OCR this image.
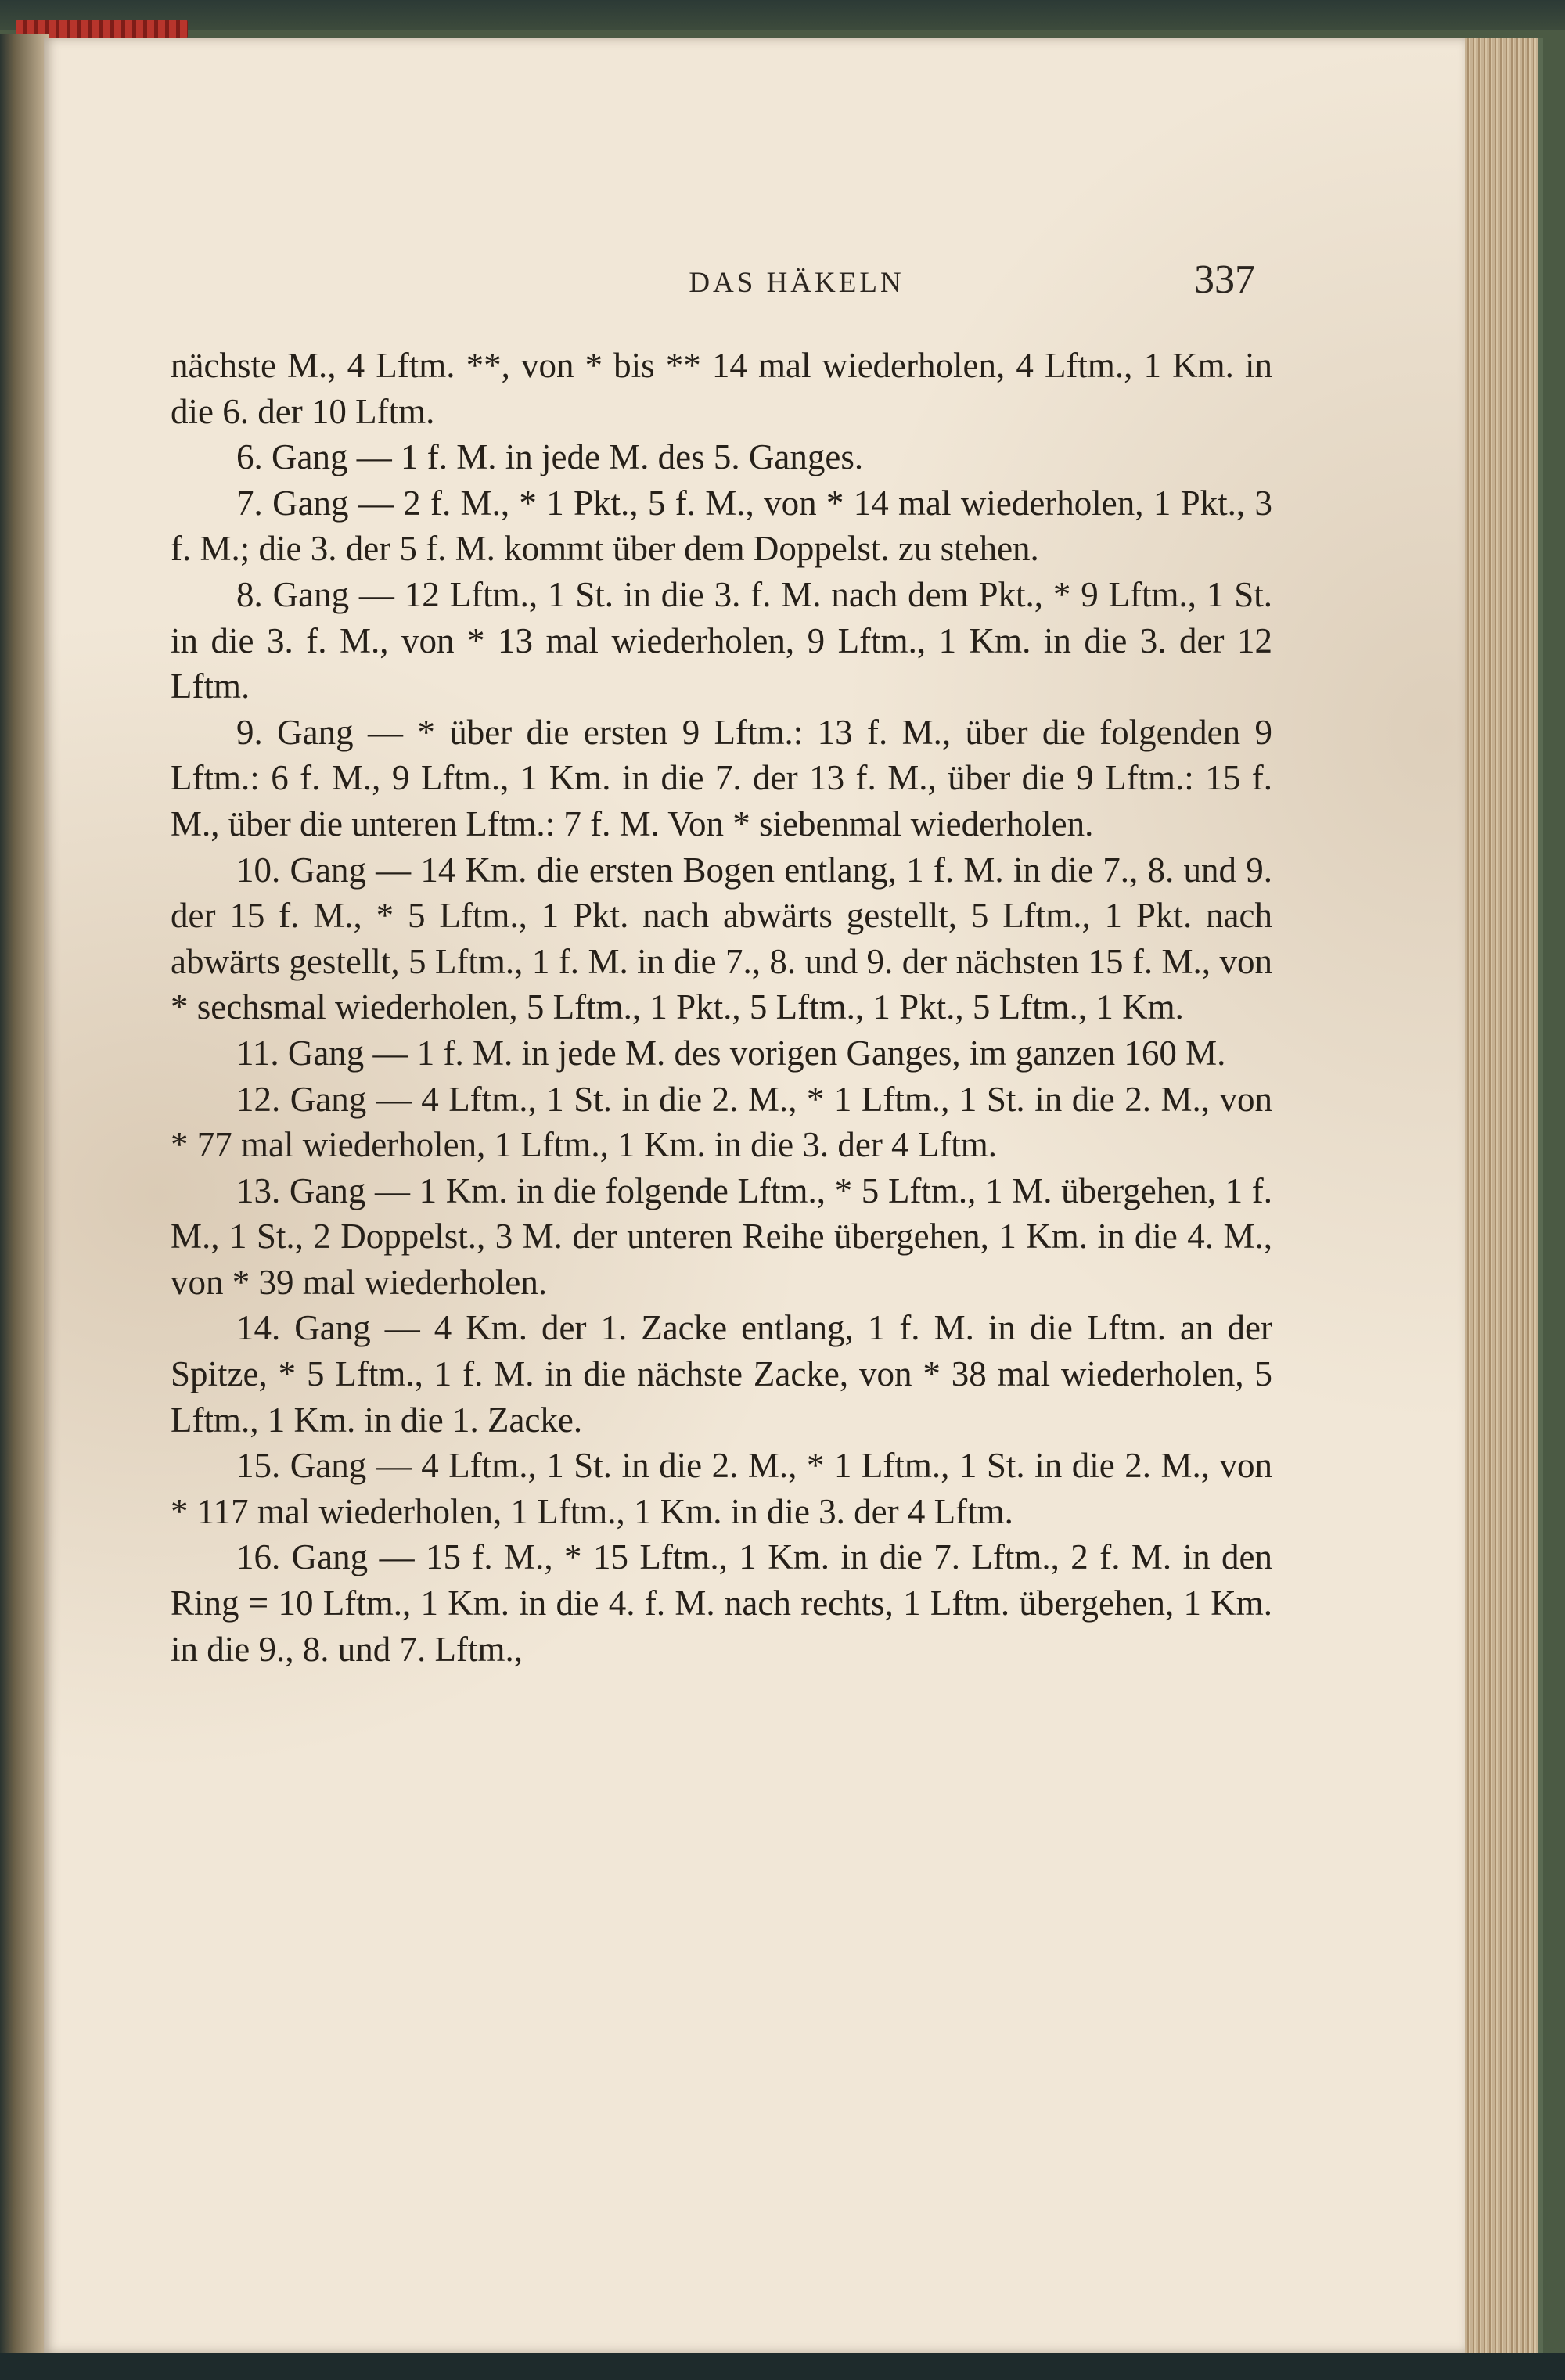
DAS HÄKELN	337

nächste M., 4 Lftm. **, von * bis ** 14 mal wiederholen, 4 Lftm., 1 Km. in die 6. der 10 Lftm.

6. Gang — 1 f. M. in jede M. des 5. Ganges.

7. Gang — 2 f. M., * 1 Pkt., 5 f. M., von * 14 mal wiederholen, 1 Pkt., 3 f. M.; die 3. der 5 f. M. kommt über dem Doppelst. zu stehen.

8. Gang — 12 Lftm., 1 St. in die 3. f. M. nach dem Pkt., * 9 Lftm., 1 St. in die 3. f. M., von * 13 mal wiederholen, 9 Lftm., 1 Km. in die 3. der 12 Lftm.

9. Gang — * über die ersten 9 Lftm.: 13 f. M., über die folgenden 9 Lftm.: 6 f. M., 9 Lftm., 1 Km. in die 7. der 13 f. M., über die 9 Lftm.: 15 f. M., über die unteren Lftm.: 7 f. M. Von * siebenmal wiederholen.

10. Gang — 14 Km. die ersten Bogen entlang, 1 f. M. in die 7., 8. und 9. der 15 f. M., * 5 Lftm., 1 Pkt. nach abwärts gestellt, 5 Lftm., 1 Pkt. nach abwärts gestellt, 5 Lftm., 1 f. M. in die 7., 8. und 9. der nächsten 15 f. M., von * sechsmal wiederholen, 5 Lftm., 1 Pkt., 5 Lftm., 1 Pkt., 5 Lftm., 1 Km.

11. Gang — 1 f. M. in jede M. des vorigen Ganges, im ganzen 160 M.

12. Gang — 4 Lftm., 1 St. in die 2. M., * 1 Lftm., 1 St. in die 2. M., von * 77 mal wiederholen, 1 Lftm., 1 Km. in die 3. der 4 Lftm.

13. Gang — 1 Km. in die folgende Lftm., * 5 Lftm., 1 M. übergehen, 1 f. M., 1 St., 2 Doppelst., 3 M. der unteren Reihe übergehen, 1 Km. in die 4. M., von * 39 mal wiederholen.

14. Gang — 4 Km. der 1. Zacke entlang, 1 f. M. in die Lftm. an der Spitze, * 5 Lftm., 1 f. M. in die nächste Zacke, von * 38 mal wiederholen, 5 Lftm., 1 Km. in die 1. Zacke.

15. Gang — 4 Lftm., 1 St. in die 2. M., * 1 Lftm., 1 St. in die 2. M., von * 117 mal wiederholen, 1 Lftm., 1 Km. in die 3. der 4 Lftm.

16. Gang — 15 f. M., * 15 Lftm., 1 Km. in die 7. Lftm., 2 f. M. in den Ring = 10 Lftm., 1 Km. in die 4. f. M. nach rechts, 1 Lftm. übergehen, 1 Km. in die 9., 8. und 7. Lftm.,
